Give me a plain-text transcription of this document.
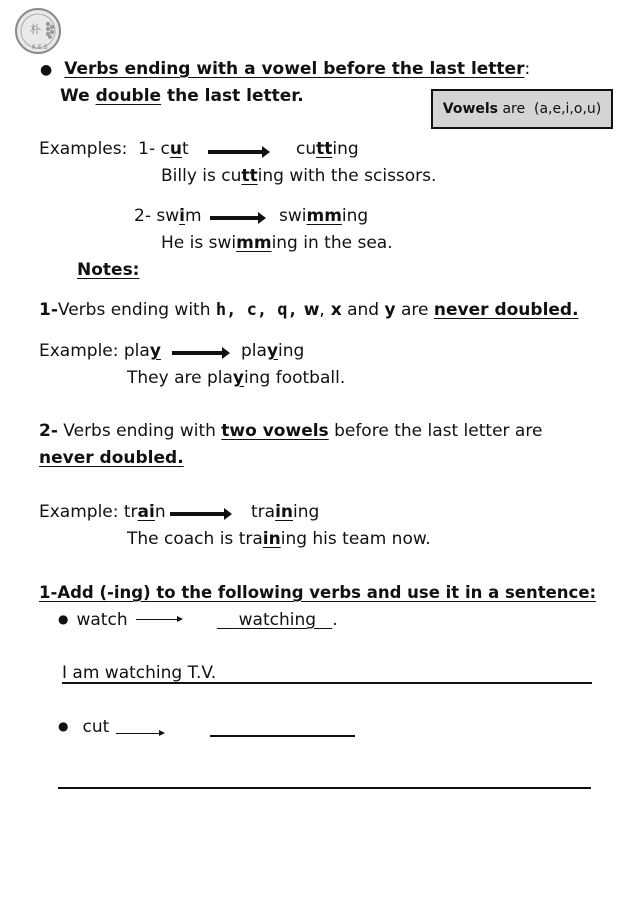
朴
K.E.S
● Verbs ending with a vowel before the last letter:
We double the last letter.
Vowels are  (a,e,i,o,u)
Examples:  1- cut	cutting
Billy is cutting with the scissors.
2- swim	swimming
He is swimming in the sea.
Notes:
1-Verbs ending with h, c, q, w, x and y are never doubled.
Example: play	playing
They are playing football.
2- Verbs ending with two vowels before the last letter are
never doubled.
Example: train	training
The coach is training his team now.
1-Add (-ing) to the following verbs and use it in a sentence:
● watch	watching .
I am watching T.V.
● cut
